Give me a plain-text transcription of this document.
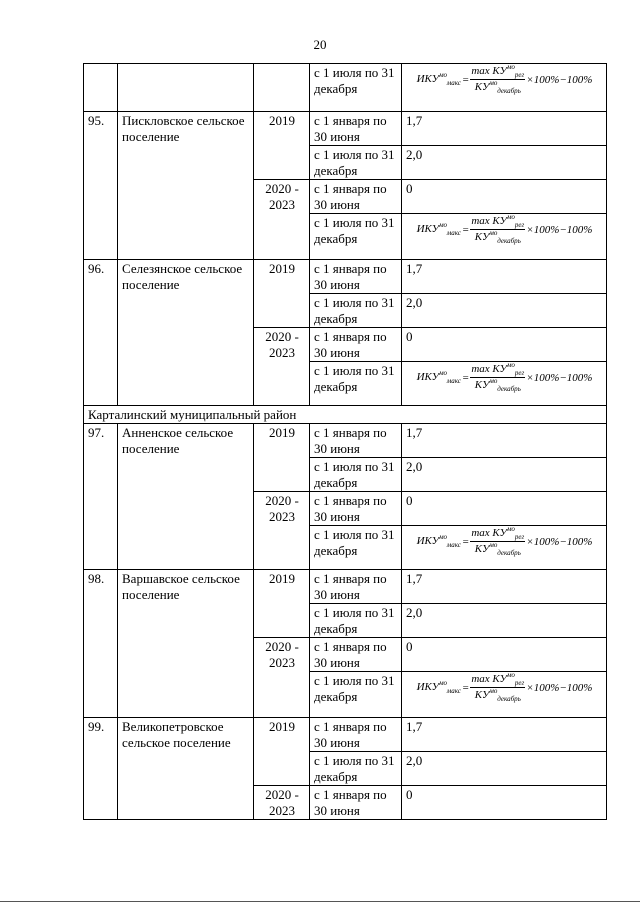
20
			с 1 июля по 31 декабря	$ИКУ^{мо}_{макс} = \frac{\max КУ^{мо}_{рег}}{КУ^{мо}_{декабрь}} \times 100\%-100\%$

95.	Пискловское сельское поселение	2019	с 1 января по 30 июня	1,7
			с 1 июля по 31 декабря	2,0
		2020 - 2023	с 1 января по 30 июня	0
			с 1 июля по 31 декабря	$ИКУ^{мо}_{макс} = \frac{\max КУ^{мо}_{рег}}{КУ^{мо}_{декабрь}} \times 100\%-100\%$

96.	Селезянское сельское поселение	2019	с 1 января по 30 июня	1,7
			с 1 июля по 31 декабря	2,0
		2020 - 2023	с 1 января по 30 июня	0
			с 1 июля по 31 декабря	$ИКУ^{мо}_{макс} = \frac{\max КУ^{мо}_{рег}}{КУ^{мо}_{декабрь}} \times 100\%-100\%$

Карталинский муниципальный район				
97.	Анненское сельское поселение	2019	с 1 января по 30 июня	1,7
			с 1 июля по 31 декабря	2,0
		2020 - 2023	с 1 января по 30 июня	0
			с 1 июля по 31 декабря	$ИКУ^{мо}_{макс} = \frac{\max КУ^{мо}_{рег}}{КУ^{мо}_{декабрь}} \times 100\%-100\%$

98.	Варшавское сельское поселение	2019	с 1 января по 30 июня	1,7
			с 1 июля по 31 декабря	2,0
		2020 - 2023	с 1 января по 30 июня	0
			с 1 июля по 31 декабря	$ИКУ^{мо}_{макс} = \frac{\max КУ^{мо}_{рег}}{КУ^{мо}_{декабрь}} \times 100\%-100\%$

99.	Великопетровское сельское поселение	2019	с 1 января по 30 июня	1,7
			с 1 июля по 31 декабря	2,0
		2020 - 2023	с 1 января по 30 июня	0
